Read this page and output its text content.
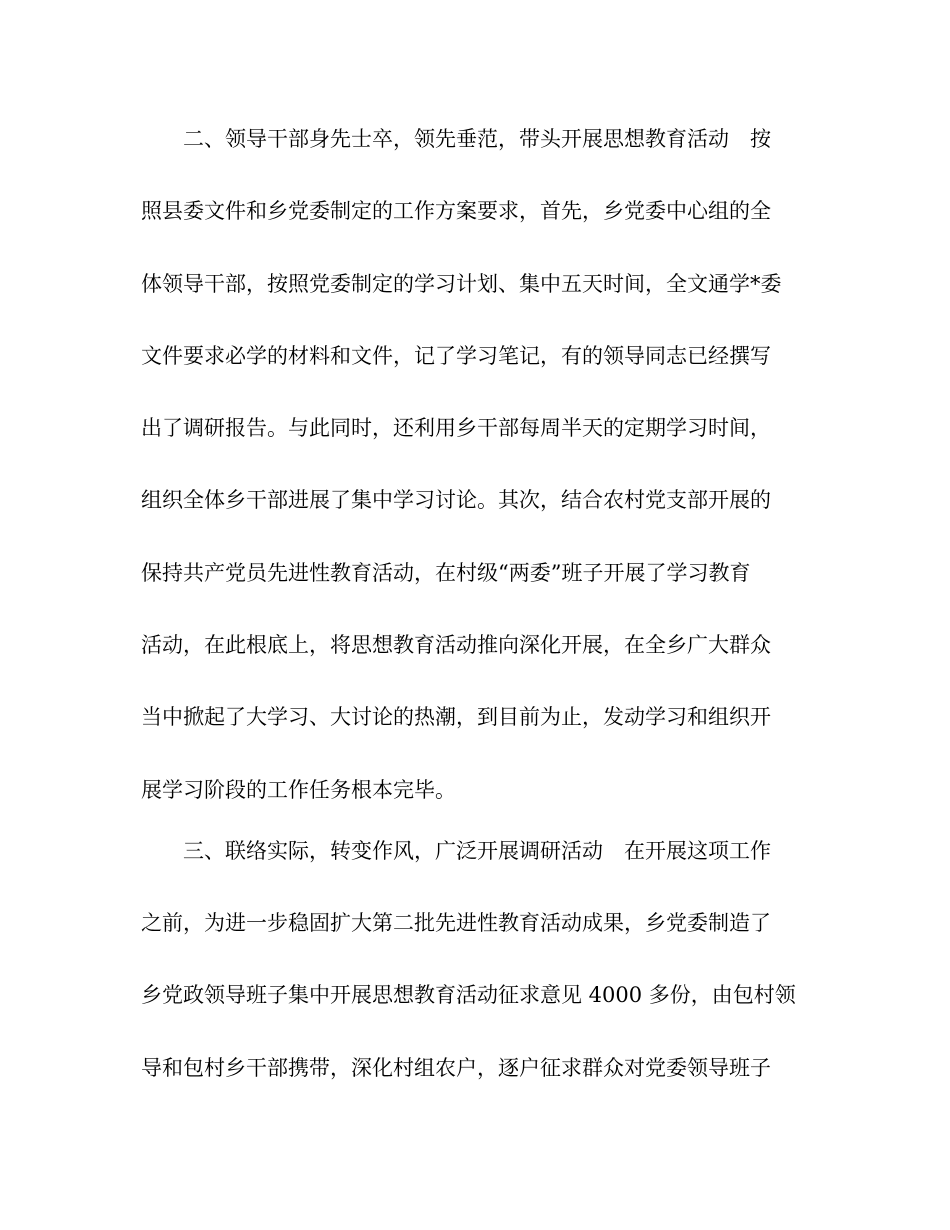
二、领导干部身先士卒，领先垂范，带头开展思想教育活动　按
照县委文件和乡党委制定的工作方案要求，首先，乡党委中心组的全
体领导干部，按照党委制定的学习计划、集中五天时间，全文通学*委
文件要求必学的材料和文件，记了学习笔记，有的领导同志已经撰写
出了调研报告。与此同时，还利用乡干部每周半天的定期学习时间，
组织全体乡干部进展了集中学习讨论。其次，结合农村党支部开展的
保持共产党员先进性教育活动，在村级“两委”班子开展了学习教育
活动，在此根底上，将思想教育活动推向深化开展，在全乡广大群众
当中掀起了大学习、大讨论的热潮，到目前为止，发动学习和组织开
展学习阶段的工作任务根本完毕。
三、联络实际，转变作风，广泛开展调研活动　在开展这项工作
之前，为进一步稳固扩大第二批先进性教育活动成果，乡党委制造了
乡党政领导班子集中开展思想教育活动征求意见 4000 多份，由包村领
导和包村乡干部携带，深化村组农户，逐户征求群众对党委领导班子
